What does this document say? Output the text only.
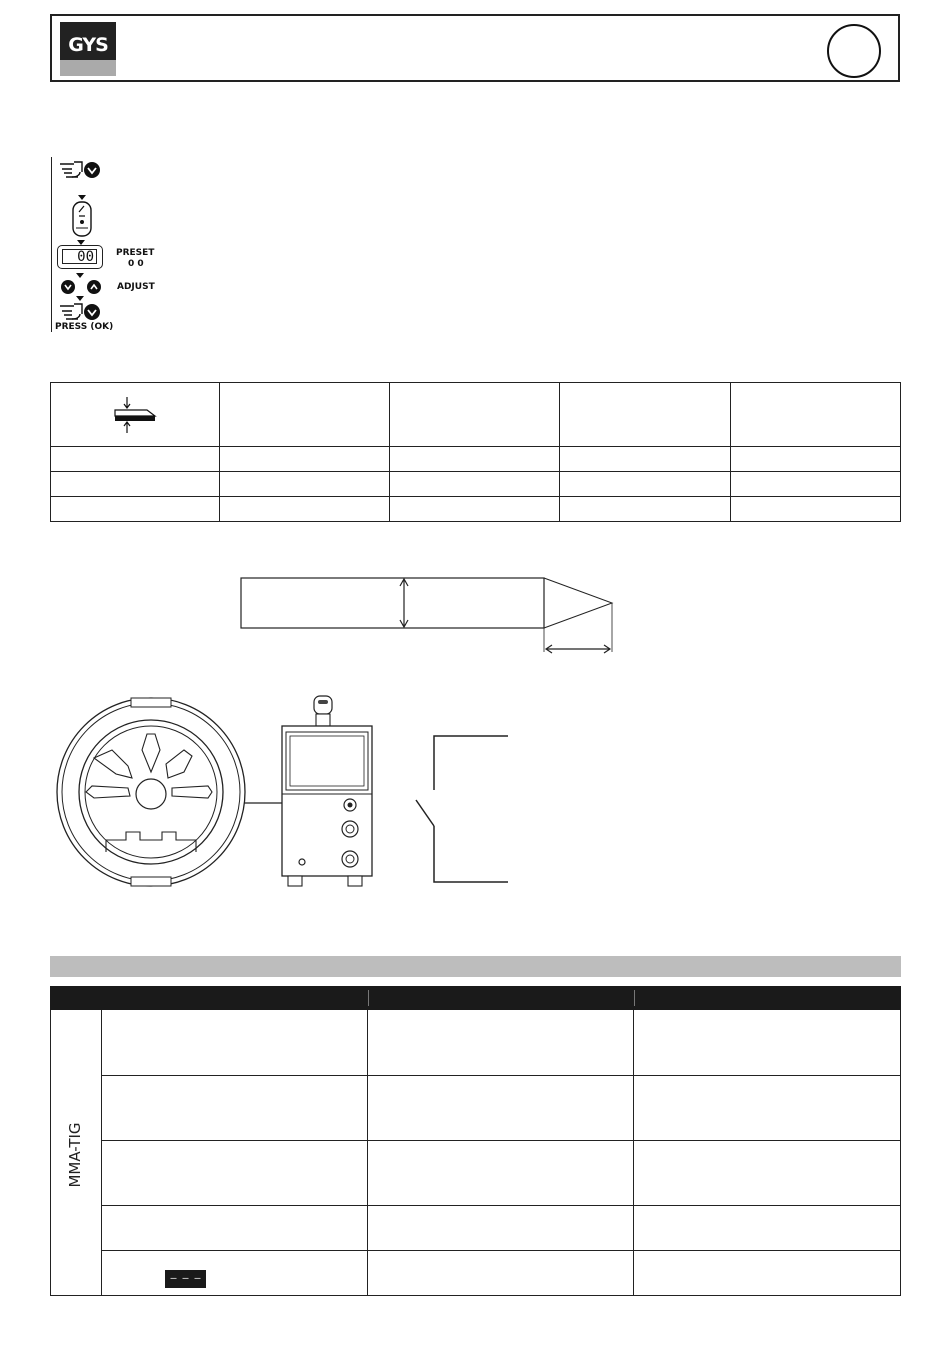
GYS
00	PRESET
0 0
ADJUST
PRESS (OK)

MMA-TIG
– – –
